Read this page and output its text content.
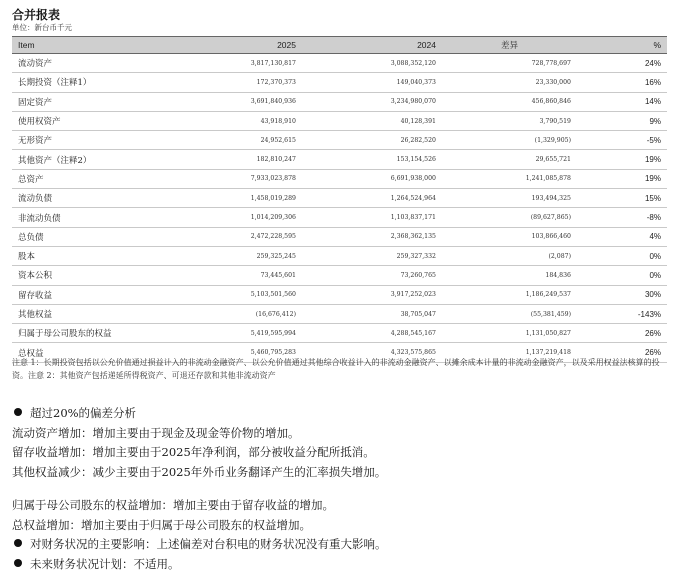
合并报表
单位：新台币千元
Item	2025	2024	差异	%
流动资产	3,817,130,817	3,088,352,120	728,778,697	24%
长期投资（注释1）	172,370,373	149,040,373	23,330,000	16%
固定资产	3,691,840,936	3,234,980,070	456,860,846	14%
使用权资产	43,918,910	40,128,391	3,790,519	9%
无形资产	24,952,615	26,282,520	(1,329,905)	-5%
其他资产（注释2）	182,810,247	153,154,526	29,655,721	19%
总资产	7,933,023,878	6,691,938,000	1,241,085,878	19%
流动负债	1,458,019,289	1,264,524,964	193,494,325	15%
非流动负债	1,014,209,306	1,103,837,171	(89,627,865)	-8%
总负债	2,472,228,595	2,368,362,135	103,866,460	4%
股本	259,325,245	259,327,332	(2,087)	0%
资本公积	73,445,601	73,260,765	184,836	0%
留存收益	5,103,501,560	3,917,252,023	1,186,249,537	30%
其他权益	(16,676,412)	38,705,047	(55,381,459)	-143%
归属于母公司股东的权益	5,419,595,994	4,288,545,167	1,131,050,827	26%
总权益	5,460,795,283	4,323,575,865	1,137,219,418	26%
注意 1：长期投资包括以公允价值通过损益计入的非流动金融资产、以公允价值通过其他综合收益计入的非流动金融资产、以摊余成本计量的非流动金融资产，以及采用权益法核算的投资。注意 2：其他资产包括递延所得税资产、可退还存款和其他非流动资产
超过20%的偏差分析
流动资产增加：增加主要由于现金及现金等价物的增加。
留存收益增加：增加主要由于2025年净利润，部分被收益分配所抵消。
其他权益减少：减少主要由于2025年外币业务翻译产生的汇率损失增加。
归属于母公司股东的权益增加：增加主要由于留存收益的增加。
总权益增加：增加主要由于归属于母公司股东的权益增加。
对财务状况的主要影响：上述偏差对台积电的财务状况没有重大影响。
未来财务状况计划：不适用。
